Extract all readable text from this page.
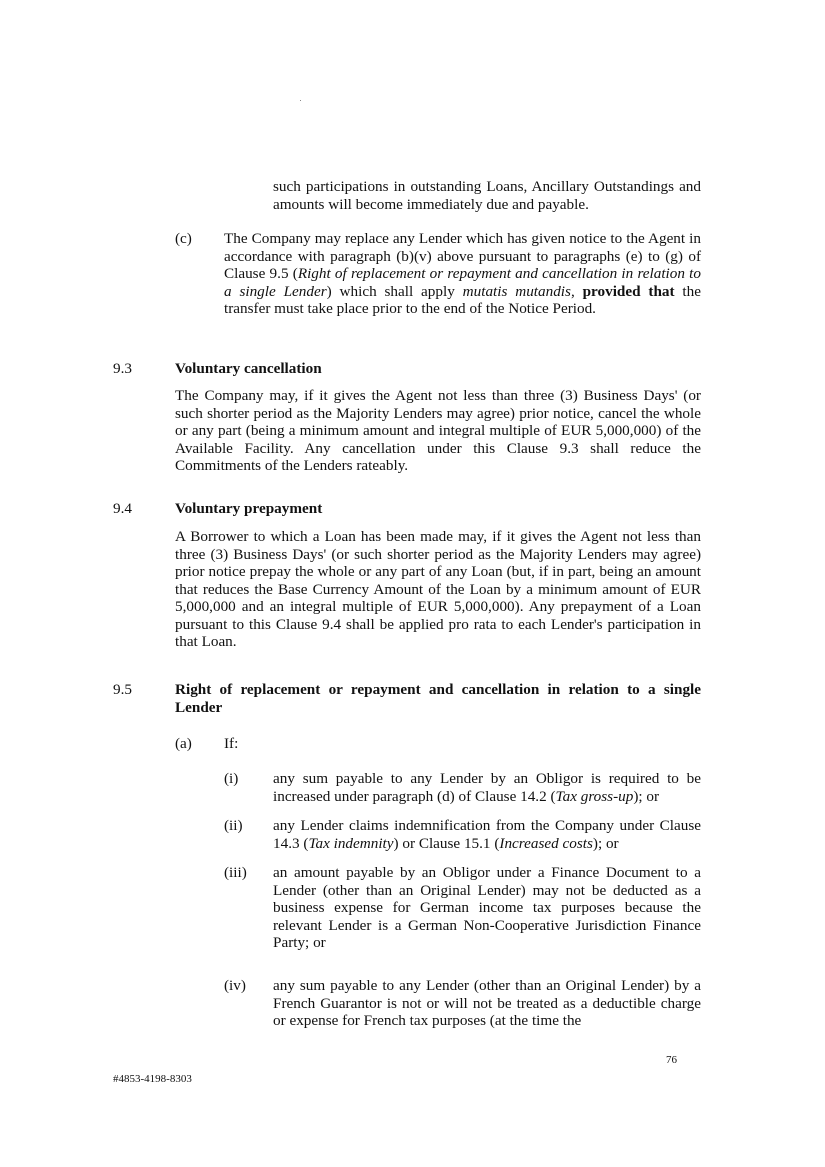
such participations in outstanding Loans, Ancillary Outstandings and amounts will become immediately due and payable.

(c) The Company may replace any Lender which has given notice to the Agent in accordance with paragraph (b)(v) above pursuant to paragraphs (e) to (g) of Clause 9.5 (Right of replacement or repayment and cancellation in relation to a single Lender) which shall apply mutatis mutandis, provided that the transfer must take place prior to the end of the Notice Period.

9.3	Voluntary cancellation

The Company may, if it gives the Agent not less than three (3) Business Days' (or such shorter period as the Majority Lenders may agree) prior notice, cancel the whole or any part (being a minimum amount and integral multiple of EUR 5,000,000) of the Available Facility. Any cancellation under this Clause 9.3 shall reduce the Commitments of the Lenders rateably.

9.4	Voluntary prepayment

A Borrower to which a Loan has been made may, if it gives the Agent not less than three (3) Business Days' (or such shorter period as the Majority Lenders may agree) prior notice prepay the whole or any part of any Loan (but, if in part, being an amount that reduces the Base Currency Amount of the Loan by a minimum amount of EUR 5,000,000 and an integral multiple of EUR 5,000,000). Any prepayment of a Loan pursuant to this Clause 9.4 shall be applied pro rata to each Lender's participation in that Loan.

9.5	Right of replacement or repayment and cancellation in relation to a single Lender
(a) If:
(i) any sum payable to any Lender by an Obligor is required to be increased under paragraph (d) of Clause 14.2 (Tax gross-up); or

(ii) any Lender claims indemnification from the Company under Clause 14.3 (Tax indemnity) or Clause 15.1 (Increased costs); or

(iii) an amount payable by an Obligor under a Finance Document to a Lender (other than an Original Lender) may not be deducted as a business expense for German income tax purposes because the relevant Lender is a German Non-Cooperative Jurisdiction Finance Party; or

(iv) any sum payable to any Lender (other than an Original Lender) by a French Guarantor is not or will not be treated as a deductible charge or expense for French tax purposes (at the time the

76
#4853-4198-8303
